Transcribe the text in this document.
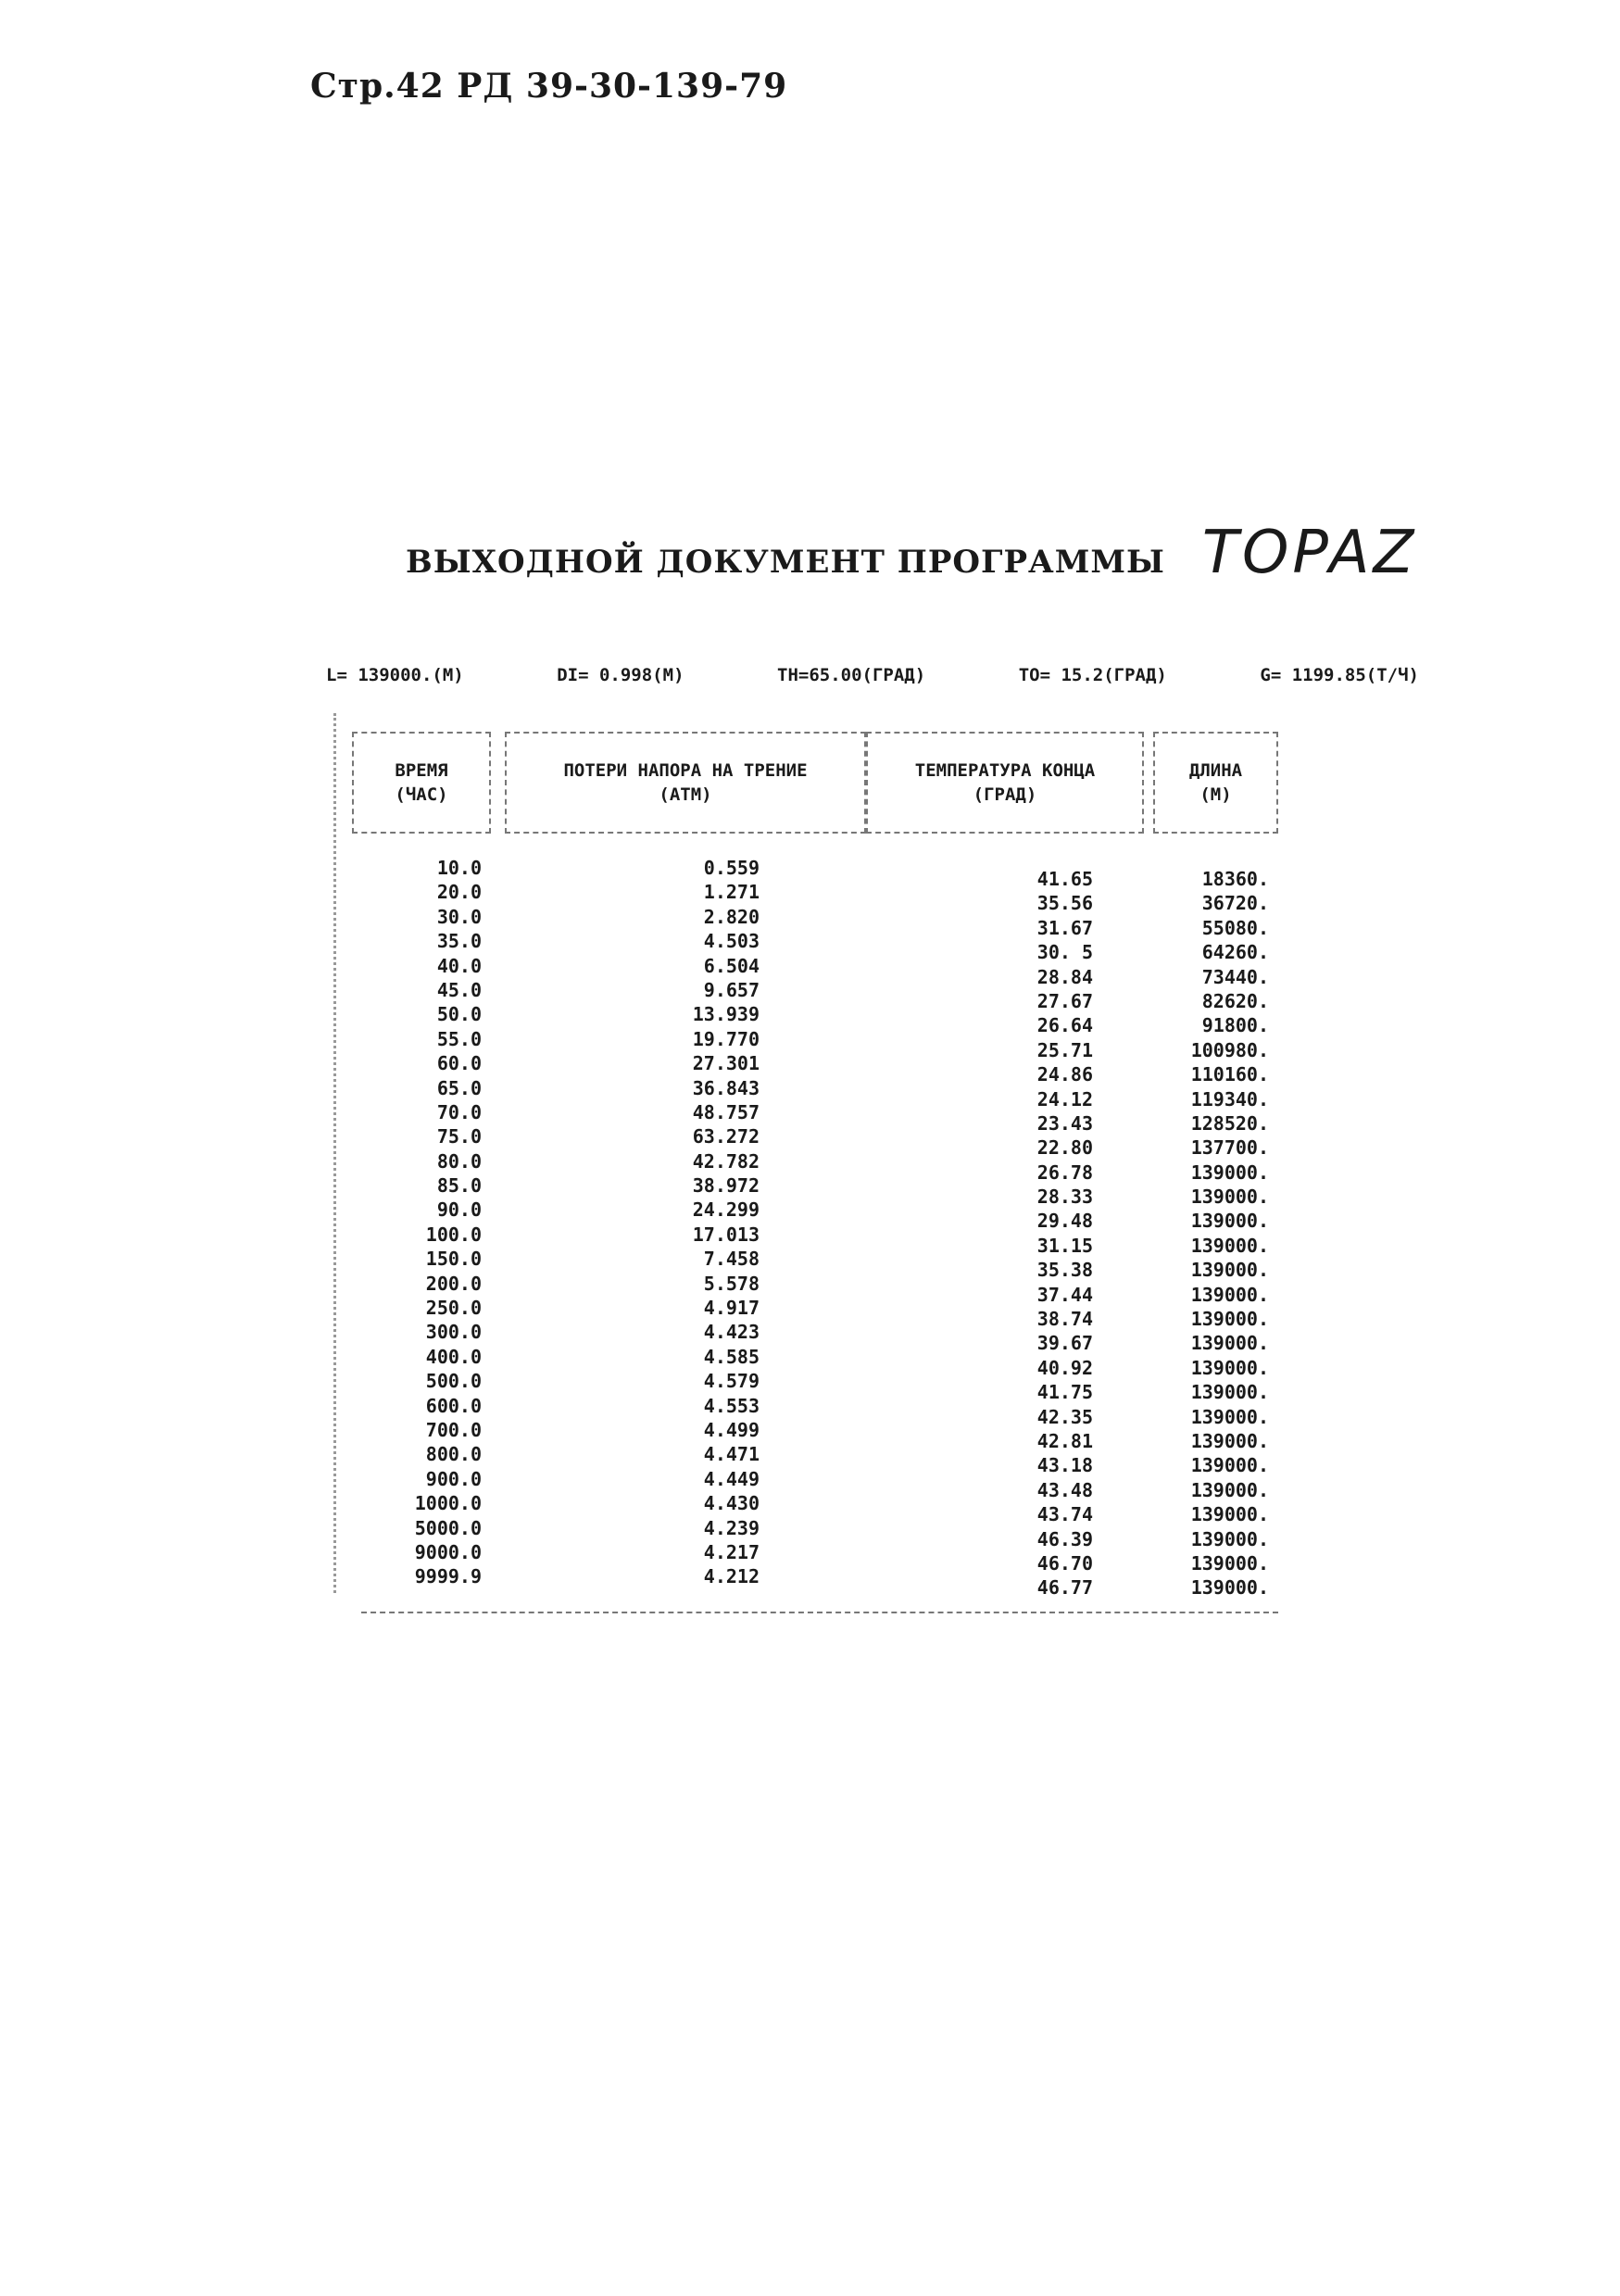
Стр.42 РД 39-30-139-79
ВЫХОДНОЙ ДОКУМЕНТ ПРОГРАММЫ TOPAZ
L= 139000.(М)	DI= 0.998(М)	TН=65.00(ГРАД)	TО= 15.2(ГРАД)	G= 1199.85(Т/Ч)
ВРЕМЯ
(ЧАС)
ПОТЕРИ НАПОРА НА ТРЕНИЕ
(АТМ)
ТЕМПЕРАТУРА КОНЦА
(ГРАД)
ДЛИНА
(М)
10.0	0.559	41.65	18360.
20.0	1.271	35.56	36720.
30.0	2.820	31.67	55080.
35.0	4.503	30. 5	64260.
40.0	6.504	28.84	73440.
45.0	9.657	27.67	82620.
50.0	13.939	26.64	91800.
55.0	19.770	25.71	100980.
60.0	27.301	24.86	110160.
65.0	36.843	24.12	119340.
70.0	48.757	23.43	128520.
75.0	63.272	22.80	137700.
80.0	42.782	26.78	139000.
85.0	38.972	28.33	139000.
90.0	24.299	29.48	139000.
100.0	17.013	31.15	139000.
150.0	7.458	35.38	139000.
200.0	5.578	37.44	139000.
250.0	4.917	38.74	139000.
300.0	4.423	39.67	139000.
400.0	4.585	40.92	139000.
500.0	4.579	41.75	139000.
600.0	4.553	42.35	139000.
700.0	4.499	42.81	139000.
800.0	4.471	43.18	139000.
900.0	4.449	43.48	139000.
1000.0	4.430	43.74	139000.
5000.0	4.239	46.39	139000.
9000.0	4.217	46.70	139000.
9999.9	4.212	46.77	139000.
